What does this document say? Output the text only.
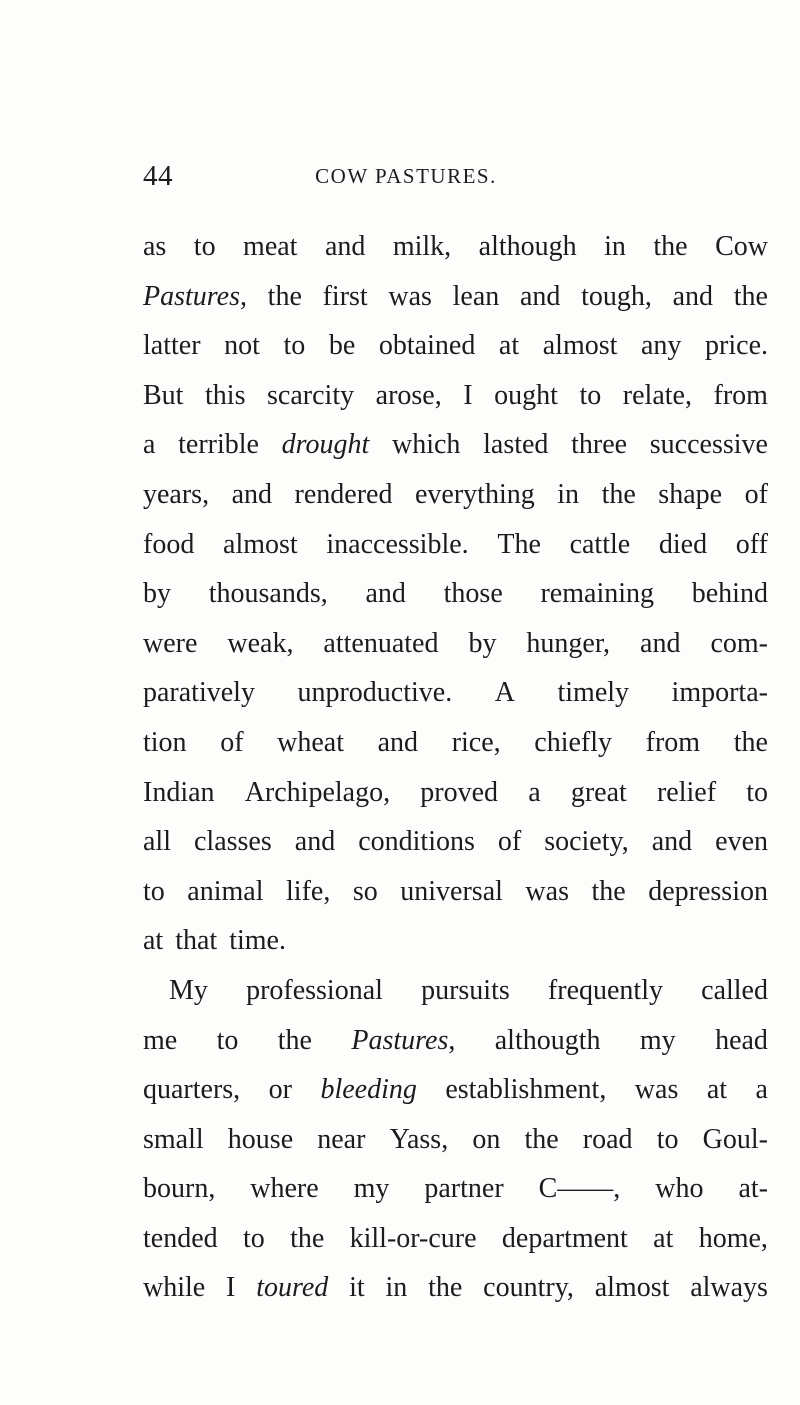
44	COW PASTURES.
as to meat and milk, although in the Cow
Pastures, the first was lean and tough, and the
latter not to be obtained at almost any price.
But this scarcity arose, I ought to relate, from
a terrible drought which lasted three successive
years, and rendered everything in the shape of
food almost inaccessible. The cattle died off
by thousands, and those remaining behind
were weak, attenuated by hunger, and com-
paratively unproductive. A timely importa-
tion of wheat and rice, chiefly from the
Indian Archipelago, proved a great relief to
all classes and conditions of society, and even
to animal life, so universal was the depression
at that time.
My professional pursuits frequently called
me to the Pastures, althougth my head
quarters, or bleeding establishment, was at a
small house near Yass, on the road to Goul-
bourn, where my partner C——, who at-
tended to the kill-or-cure department at home,
while I toured it in the country, almost always
